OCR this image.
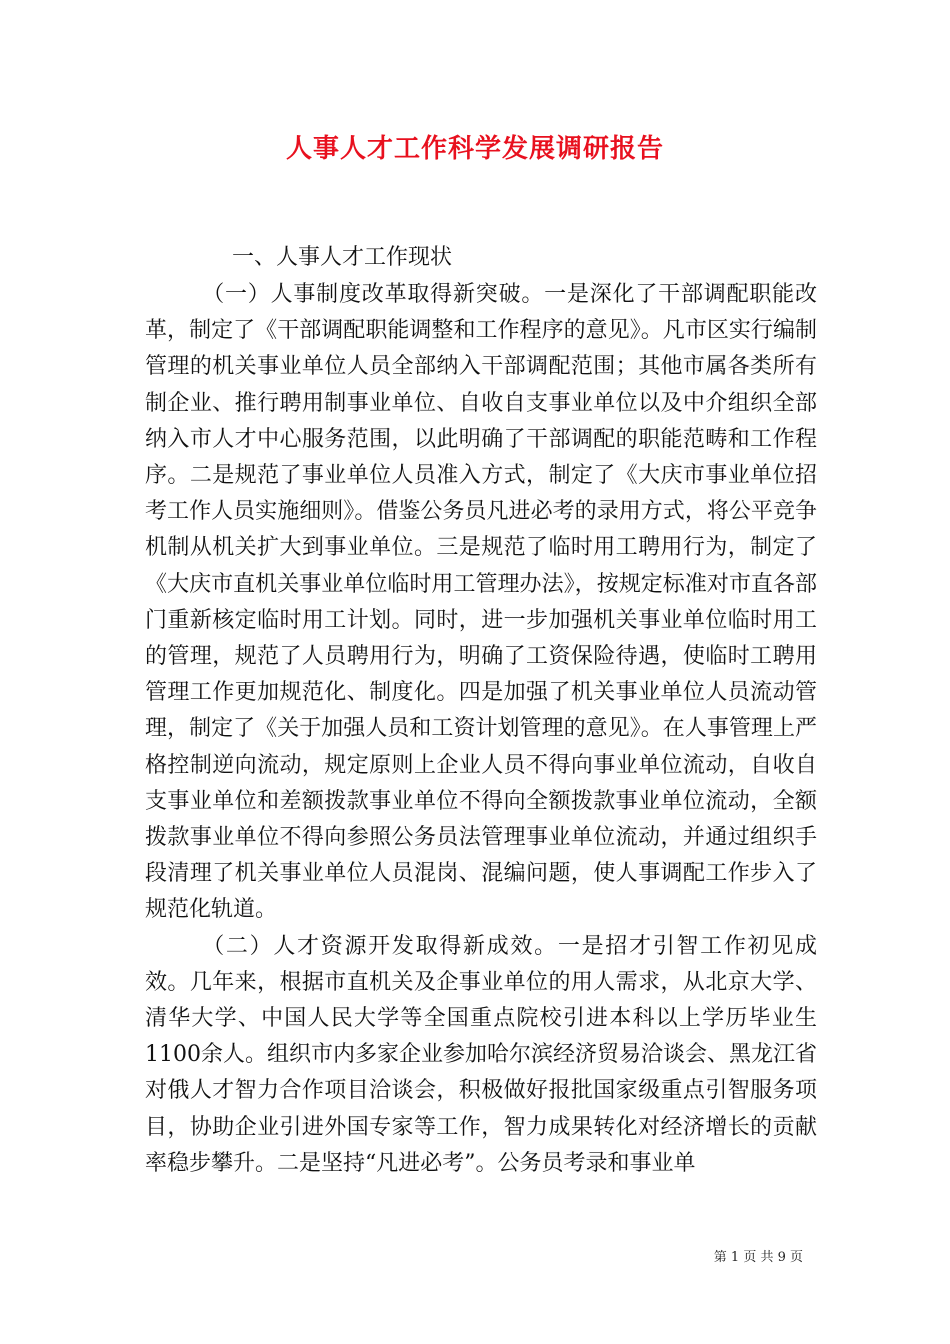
人事人才工作科学发展调研报告
一、人事人才工作现状

（一）人事制度改革取得新突破。一是深化了干部调配职能改革，制定了《干部调配职能调整和工作程序的意见》。凡市区实行编制管理的机关事业单位人员全部纳入干部调配范围；其他市属各类所有制企业、推行聘用制事业单位、自收自支事业单位以及中介组织全部纳入市人才中心服务范围，以此明确了干部调配的职能范畴和工作程序。二是规范了事业单位人员准入方式，制定了《大庆市事业单位招考工作人员实施细则》。借鉴公务员凡进必考的录用方式，将公平竞争机制从机关扩大到事业单位。三是规范了临时用工聘用行为，制定了《大庆市直机关事业单位临时用工管理办法》，按规定标准对市直各部门重新核定临时用工计划。同时，进一步加强机关事业单位临时用工的管理，规范了人员聘用行为，明确了工资保险待遇，使临时工聘用管理工作更加规范化、制度化。四是加强了机关事业单位人员流动管理，制定了《关于加强人员和工资计划管理的意见》。在人事管理上严格控制逆向流动，规定原则上企业人员不得向事业单位流动，自收自支事业单位和差额拨款事业单位不得向全额拨款事业单位流动，全额拨款事业单位不得向参照公务员法管理事业单位流动，并通过组织手段清理了机关事业单位人员混岗、混编问题，使人事调配工作步入了规范化轨道。

（二）人才资源开发取得新成效。一是招才引智工作初见成效。几年来，根据市直机关及企事业单位的用人需求，从北京大学、清华大学、中国人民大学等全国重点院校引进本科以上学历毕业生1100余人。组织市内多家企业参加哈尔滨经济贸易洽谈会、黑龙江省对俄人才智力合作项目洽谈会，积极做好报批国家级重点引智服务项目，协助企业引进外国专家等工作，智力成果转化对经济增长的贡献率稳步攀升。二是坚持“凡进必考”。公务员考录和事业单

第 1 页 共 9 页
